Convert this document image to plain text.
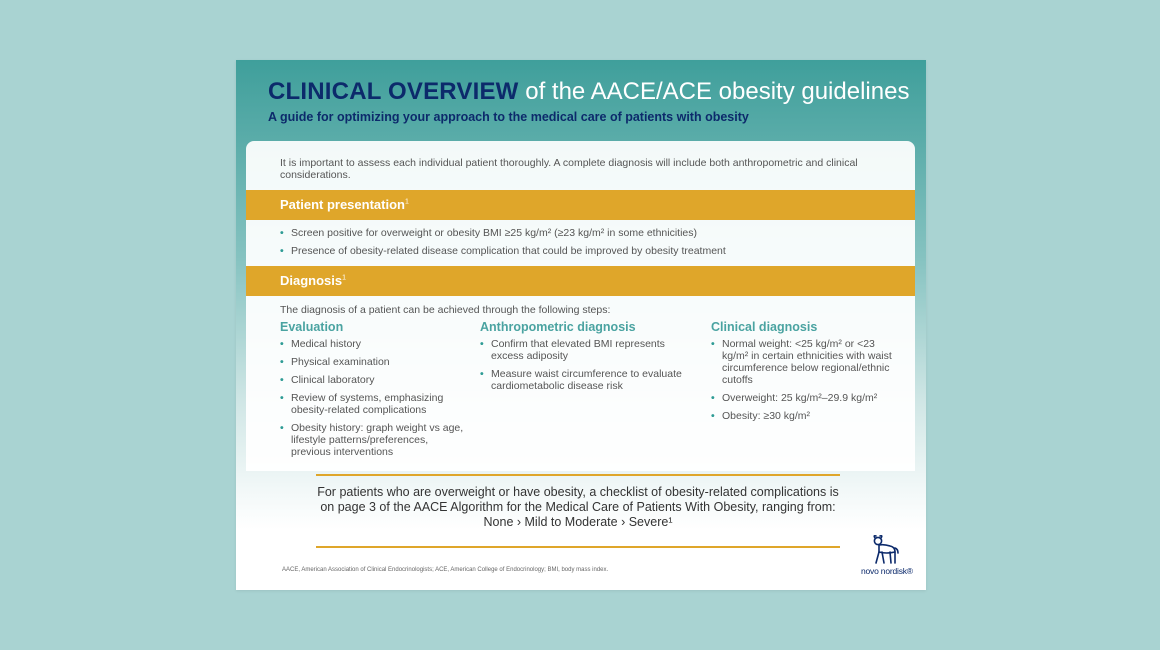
CLINICAL OVERVIEW of the AACE/ACE obesity guidelines

A guide for optimizing your approach to the medical care of patients with obesity

It is important to assess each individual patient thoroughly. A complete diagnosis will include both anthropometric and clinical considerations.
Patient presentation$^1$
• Screen positive for overweight or obesity BMI ≥25 kg/m² (≥23 kg/m² in some ethnicities)
• Presence of obesity-related disease complication that could be improved by obesity treatment
Diagnosis$^1$
The diagnosis of a patient can be achieved through the following steps:
Evaluation
• Medical history
• Physical examination
• Clinical laboratory
• Review of systems, emphasizing obesity-related complications
• Obesity history: graph weight vs age, lifestyle patterns/preferences, previous interventions
Anthropometric diagnosis
• Confirm that elevated BMI represents excess adiposity
• Measure waist circumference to evaluate cardiometabolic disease risk
Clinical diagnosis
• Normal weight: <25 kg/m² or <23 kg/m² in certain ethnicities with waist circumference below regional/ethnic cutoffs
• Overweight: 25 kg/m²–29.9 kg/m²
• Obesity: ≥30 kg/m²
For patients who are overweight or have obesity, a checklist of obesity-related complications is on page 3 of the AACE Algorithm for the Medical Care of Patients With Obesity, ranging from: None › Mild to Moderate › Severe¹
AACE, American Association of Clinical Endocrinologists; ACE, American College of Endocrinology; BMI, body mass index.	novo nordisk®
